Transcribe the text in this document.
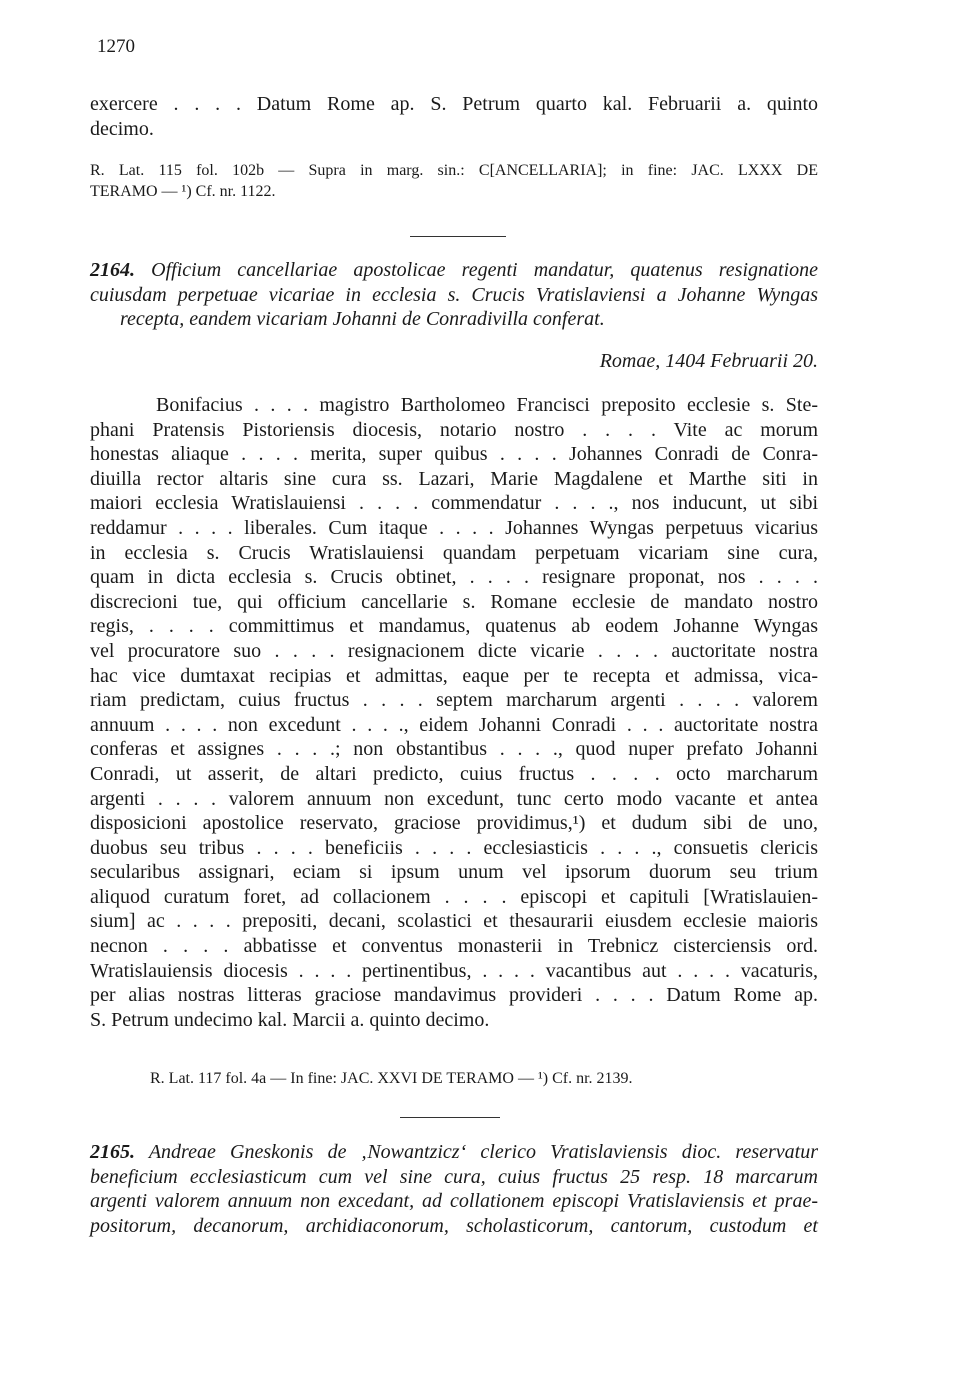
1270
exercere . . . . Datum Rome ap. S. Petrum quarto kal. Februarii a. quinto
decimo.
R. Lat. 115 fol. 102b — Supra in marg. sin.: C[ANCELLARIA]; in fine: JAC. LXXX DE
TERAMO — ¹) Cf. nr. 1122.
2164. Officium cancellariae apostolicae regenti mandatur, quatenus resignatione
cuiusdam perpetuae vicariae in ecclesia s. Crucis Vratislaviensi a Johanne Wyngas
recepta, eandem vicariam Johanni de Conradivilla conferat.
Romae, 1404 Februarii 20.
Bonifacius . . . . magistro Bartholomeo Francisci preposito ecclesie s. Ste-
phani Pratensis Pistoriensis diocesis, notario nostro . . . . Vite ac morum
honestas aliaque . . . . merita, super quibus . . . . Johannes Conradi de Conra-
diuilla rector altaris sine cura ss. Lazari, Marie Magdalene et Marthe siti in
maiori ecclesia Wratislauiensi . . . . commendatur . . . ., nos inducunt, ut sibi
reddamur . . . . liberales. Cum itaque . . . . Johannes Wyngas perpetuus vicarius
in ecclesia s. Crucis Wratislauiensi quandam perpetuam vicariam sine cura,
quam in dicta ecclesia s. Crucis obtinet, . . . . resignare proponat, nos . . . .
discrecioni tue, qui officium cancellarie s. Romane ecclesie de mandato nostro
regis, . . . . committimus et mandamus, quatenus ab eodem Johanne Wyngas
vel procuratore suo . . . . resignacionem dicte vicarie . . . . auctoritate nostra
hac vice dumtaxat recipias et admittas, eaque per te recepta et admissa, vica-
riam predictam, cuius fructus . . . . septem marcharum argenti . . . . valorem
annuum . . . . non excedunt . . . ., eidem Johanni Conradi . . . auctoritate nostra
conferas et assignes . . . .; non obstantibus . . . ., quod nuper prefato Johanni
Conradi, ut asserit, de altari predicto, cuius fructus . . . . octo marcharum
argenti . . . . valorem annuum non excedunt, tunc certo modo vacante et antea
disposicioni apostolice reservato, graciose providimus,¹) et dudum sibi de uno,
duobus seu tribus . . . . beneficiis . . . . ecclesiasticis . . . ., consuetis clericis
secularibus assignari, eciam si ipsum unum vel ipsorum duorum seu trium
aliquod curatum foret, ad collacionem . . . . episcopi et capituli [Wratislauien-
sium] ac . . . . prepositi, decani, scolastici et thesaurarii eiusdem ecclesie maioris
necnon . . . . abbatisse et conventus monasterii in Trebnicz cisterciensis ord.
Wratislauiensis diocesis . . . . pertinentibus, . . . . vacantibus aut . . . . vacaturis,
per alias nostras litteras graciose mandavimus provideri . . . . Datum Rome ap.
S. Petrum undecimo kal. Marcii a. quinto decimo.
R. Lat. 117 fol. 4a — In fine: JAC. XXVI DE TERAMO — ¹) Cf. nr. 2139.
2165. Andreae Gneskonis de ‚Nowantzicz‘ clerico Vratislaviensis dioc. reservatur
beneficium ecclesiasticum cum vel sine cura, cuius fructus 25 resp. 18 marcarum
argenti valorem annuum non excedant, ad collationem episcopi Vratislaviensis et prae-
positorum, decanorum, archidiaconorum, scholasticorum, cantorum, custodum et
